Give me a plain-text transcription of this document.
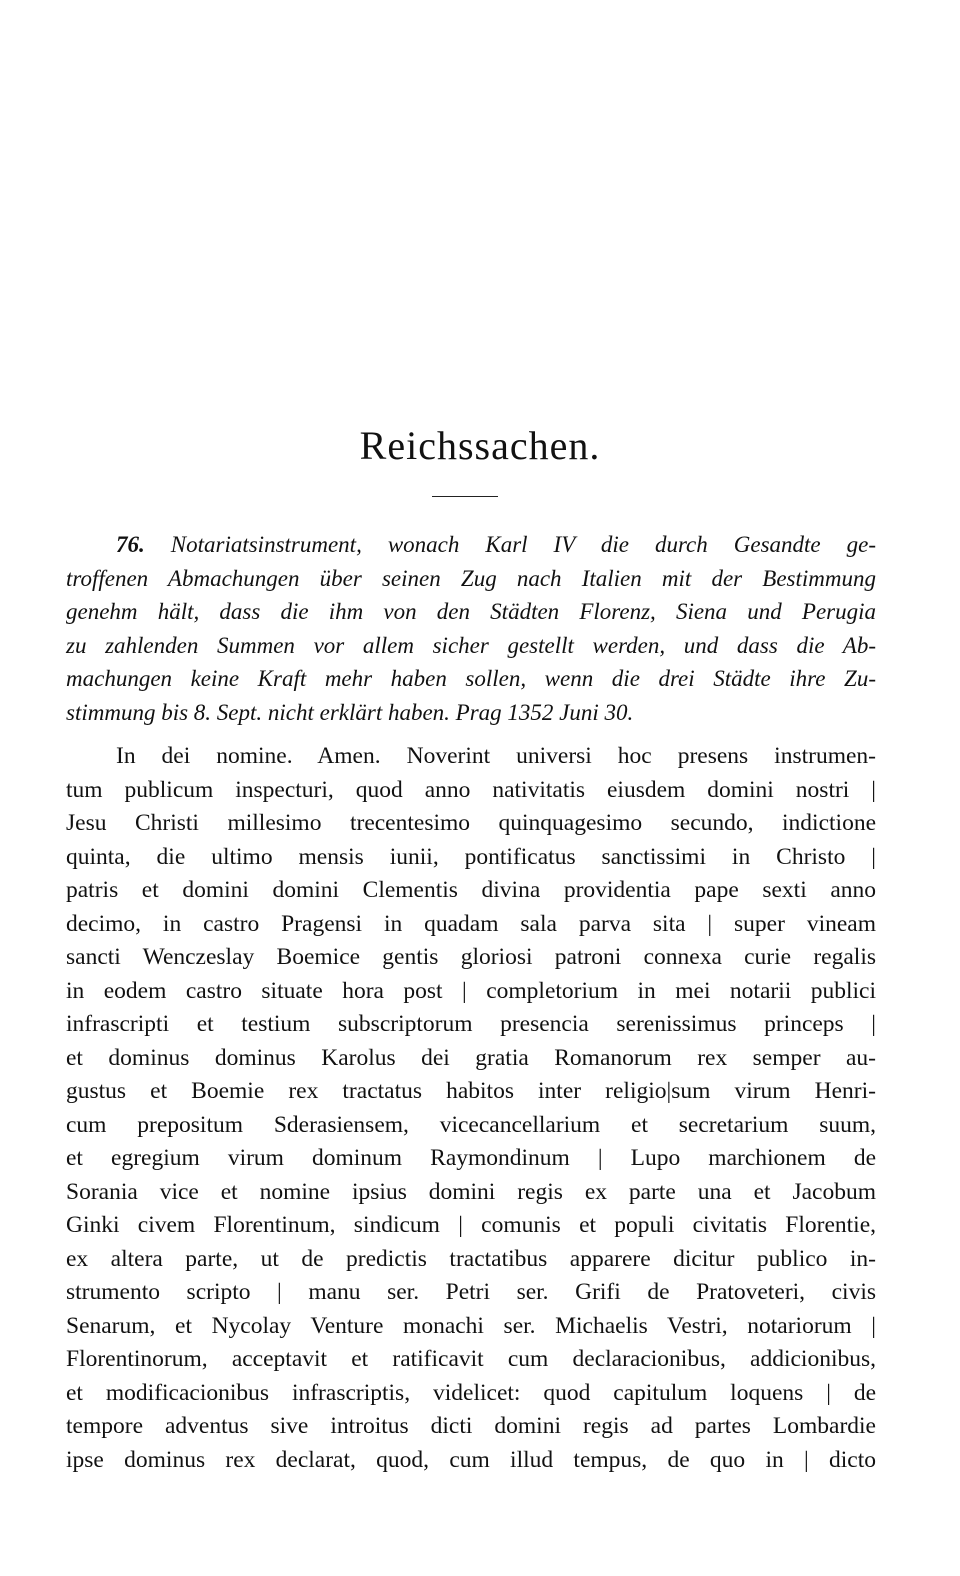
Reichssachen.
76. Notariatsinstrument, wonach Karl IV die durch Gesandte ge-
troffenen Abmachungen über seinen Zug nach Italien mit der Bestimmung
genehm hält, dass die ihm von den Städten Florenz, Siena und Perugia
zu zahlenden Summen vor allem sicher gestellt werden, und dass die Ab-
machungen keine Kraft mehr haben sollen, wenn die drei Städte ihre Zu-
stimmung bis 8. Sept. nicht erklärt haben. Prag 1352 Juni 30.
In dei nomine. Amen. Noverint universi hoc presens instrumen-
tum publicum inspecturi, quod anno nativitatis eiusdem domini nostri |
Jesu Christi millesimo trecentesimo quinquagesimo secundo, indictione
quinta, die ultimo mensis iunii, pontificatus sanctissimi in Christo |
patris et domini domini Clementis divina providentia pape sexti anno
decimo, in castro Pragensi in quadam sala parva sita | super vineam
sancti Wenczeslay Boemice gentis gloriosi patroni connexa curie regalis
in eodem castro situate hora post | completorium in mei notarii publici
infrascripti et testium subscriptorum presencia serenissimus princeps |
et dominus dominus Karolus dei gratia Romanorum rex semper au-
gustus et Boemie rex tractatus habitos inter religio|sum virum Henri-
cum prepositum Sderasiensem, vicecancellarium et secretarium suum,
et egregium virum dominum Raymondinum | Lupo marchionem de
Sorania vice et nomine ipsius domini regis ex parte una et Jacobum
Ginki civem Florentinum, sindicum | comunis et populi civitatis Florentie,
ex altera parte, ut de predictis tractatibus apparere dicitur publico in-
strumento scripto | manu ser. Petri ser. Grifi de Pratoveteri, civis
Senarum, et Nycolay Venture monachi ser. Michaelis Vestri, notariorum |
Florentinorum, acceptavit et ratificavit cum declaracionibus, addicionibus,
et modificacionibus infrascriptis, videlicet: quod capitulum loquens | de
tempore adventus sive introitus dicti domini regis ad partes Lombardie
ipse dominus rex declarat, quod, cum illud tempus, de quo in | dicto
